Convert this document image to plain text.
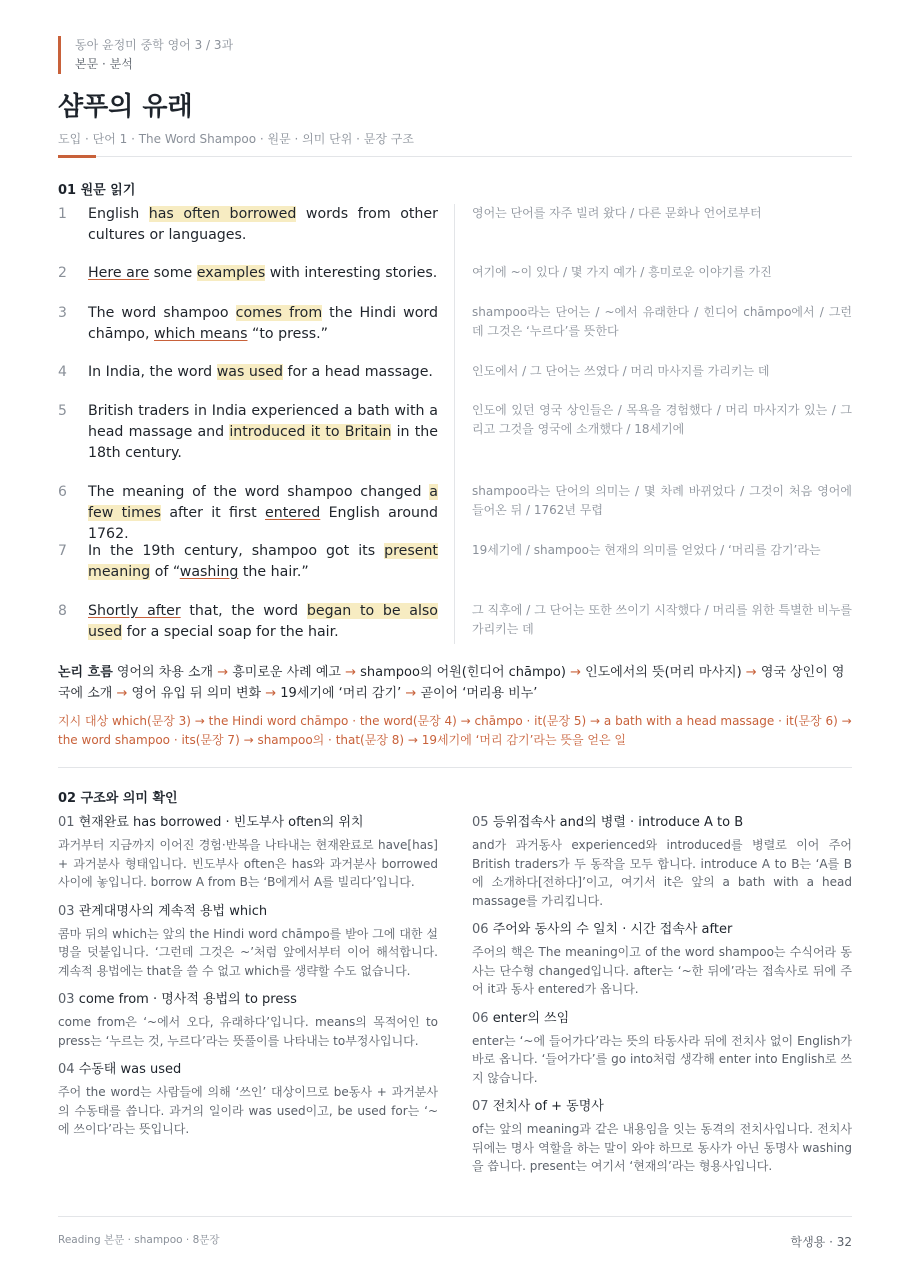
동아 윤정미 중학 영어 3 / 3과
본문 · 분석
샴푸의 유래
도입 · 단어 1 · The Word Shampoo · 원문 · 의미 단위 · 문장 구조
01 원문 읽기
1 English has often borrowed words from other cultures or languages.
영어는 단어를 자주 빌려 왔다 / 다른 문화나 언어로부터
2 Here are some examples with interesting stories.	여기에 ~이 있다 / 몇 가지 예가 / 흥미로운 이야기를 가진
3 The word shampoo comes from the Hindi word chāmpo, which means “to press.”
shampoo라는 단어는 / ~에서 유래한다 / 힌디어 chāmpo에서 / 그런데 그것은 ‘누르다’를 뜻한다
4 In India, the word was used for a head massage.	인도에서 / 그 단어는 쓰였다 / 머리 마사지를 가리키는 데
5 British traders in India experienced a bath with a head massage and introduced it to Britain in the 18th century.
인도에 있던 영국 상인들은 / 목욕을 경험했다 / 머리 마사지가 있는 / 그리고 그것을 영국에 소개했다 / 18세기에
6 The meaning of the word shampoo changed a few times after it first entered English around 1762.
shampoo라는 단어의 의미는 / 몇 차례 바뀌었다 / 그것이 처음 영어에 들어온 뒤 / 1762년 무렵
7 In the 19th century, shampoo got its present meaning of “washing the hair.”
19세기에 / shampoo는 현재의 의미를 얻었다 / ‘머리를 감기’라는
8 Shortly after that, the word began to be also used for a special soap for the hair.
그 직후에 / 그 단어는 또한 쓰이기 시작했다 / 머리를 위한 특별한 비누를 가리키는 데
논리 흐름 영어의 차용 소개 → 흥미로운 사례 예고 → shampoo의 어원(힌디어 chāmpo) → 인도에서의 뜻(머리 마사지) → 영국 상인이 영국에 소개 → 영어 유입 뒤 의미 변화 → 19세기에 ‘머리 감기’ → 곧이어 ‘머리용 비누’
지시 대상 which(문장 3) → the Hindi word chāmpo · the word(문장 4) → chāmpo · it(문장 5) → a bath with a head massage · it(문장 6) → the word shampoo · its(문장 7) → shampoo의 · that(문장 8) → 19세기에 ‘머리 감기’라는 뜻을 얻은 일
02 구조와 의미 확인
01 현재완료 has borrowed · 빈도부사 often의 위치
과거부터 지금까지 이어진 경험·반복을 나타내는 현재완료로 have[has] + 과거분사 형태입니다. 빈도부사 often은 has와 과거분사 borrowed 사이에 놓입니다. borrow A from B는 ‘B에게서 A를 빌리다’입니다.
03 관계대명사의 계속적 용법 which
콤마 뒤의 which는 앞의 the Hindi word chāmpo를 받아 그에 대한 설명을 덧붙입니다. ‘그런데 그것은 ~’처럼 앞에서부터 이어 해석합니다. 계속적 용법에는 that을 쓸 수 없고 which를 생략할 수도 없습니다.
03 come from · 명사적 용법의 to press
come from은 ‘~에서 오다, 유래하다’입니다. means의 목적어인 to press는 ‘누르는 것, 누르다’라는 뜻풀이를 나타내는 to부정사입니다.
04 수동태 was used
주어 the word는 사람들에 의해 ‘쓰인’ 대상이므로 be동사 + 과거분사의 수동태를 씁니다. 과거의 일이라 was used이고, be used for는 ‘~에 쓰이다’라는 뜻입니다.
05 등위접속사 and의 병렬 · introduce A to B
and가 과거동사 experienced와 introduced를 병렬로 이어 주어 British traders가 두 동작을 모두 합니다. introduce A to B는 ‘A를 B에 소개하다[전하다]’이고, 여기서 it은 앞의 a bath with a head massage를 가리킵니다.
06 주어와 동사의 수 일치 · 시간 접속사 after
주어의 핵은 The meaning이고 of the word shampoo는 수식어라 동사는 단수형 changed입니다. after는 ‘~한 뒤에’라는 접속사로 뒤에 주어 it과 동사 entered가 옵니다.
06 enter의 쓰임
enter는 ‘~에 들어가다’라는 뜻의 타동사라 뒤에 전치사 없이 English가 바로 옵니다. ‘들어가다’를 go into처럼 생각해 enter into English로 쓰지 않습니다.
07 전치사 of + 동명사
of는 앞의 meaning과 같은 내용임을 잇는 동격의 전치사입니다. 전치사 뒤에는 명사 역할을 하는 말이 와야 하므로 동사가 아닌 동명사 washing을 씁니다. present는 여기서 ‘현재의’라는 형용사입니다.
Reading 본문 · shampoo · 8문장	학생용 · 32
